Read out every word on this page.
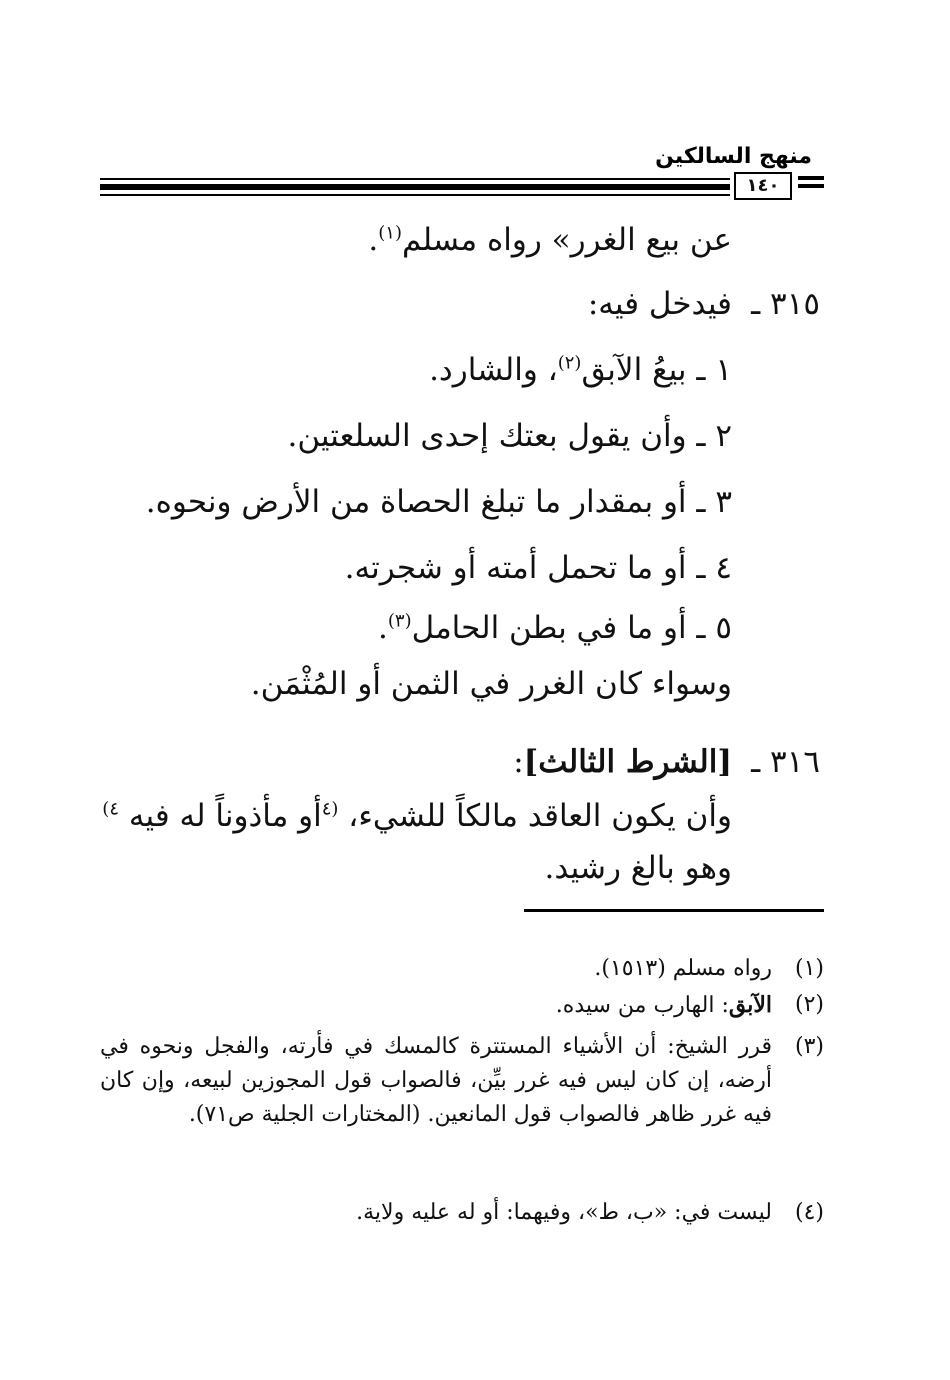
منهج السالكين
١٤٠
عن بيع الغرر» رواه مسلم$^{(١)}$.
٣١٥ ـ
فيدخل فيه:
١ ـ بيعُ الآبق$^{(٢)}$، والشارد.
٢ ـ وأن يقول بعتك إحدى السلعتين.
٣ ـ أو بمقدار ما تبلغ الحصاة من الأرض ونحوه.
٤ ـ أو ما تحمل أمته أو شجرته.
٥ ـ أو ما في بطن الحامل$^{(٣)}$.
وسواء كان الغرر في الثمن أو المُثْمَن.
٣١٦ ـ
[الشرط الثالث]:
وأن يكون العاقد مالكاً للشيء، $^{(٤}$أو مأذوناً له فيه $^{٤)}$
وهو بالغ رشيد.
(١)
رواه مسلم (١٥١٣).
(٢)
الآبق: الهارب من سيده.
(٣)
قرر الشيخ: أن الأشياء المستترة كالمسك في فأرته، والفجل ونحوه في أرضه، إن كان ليس فيه غرر بيِّن، فالصواب قول المجوزين لبيعه، وإن كان فيه غرر ظاهر فالصواب قول المانعين. (المختارات الجلية ص٧١).
(٤)
ليست في: «ب، ط»، وفيهما: أو له عليه ولاية.
